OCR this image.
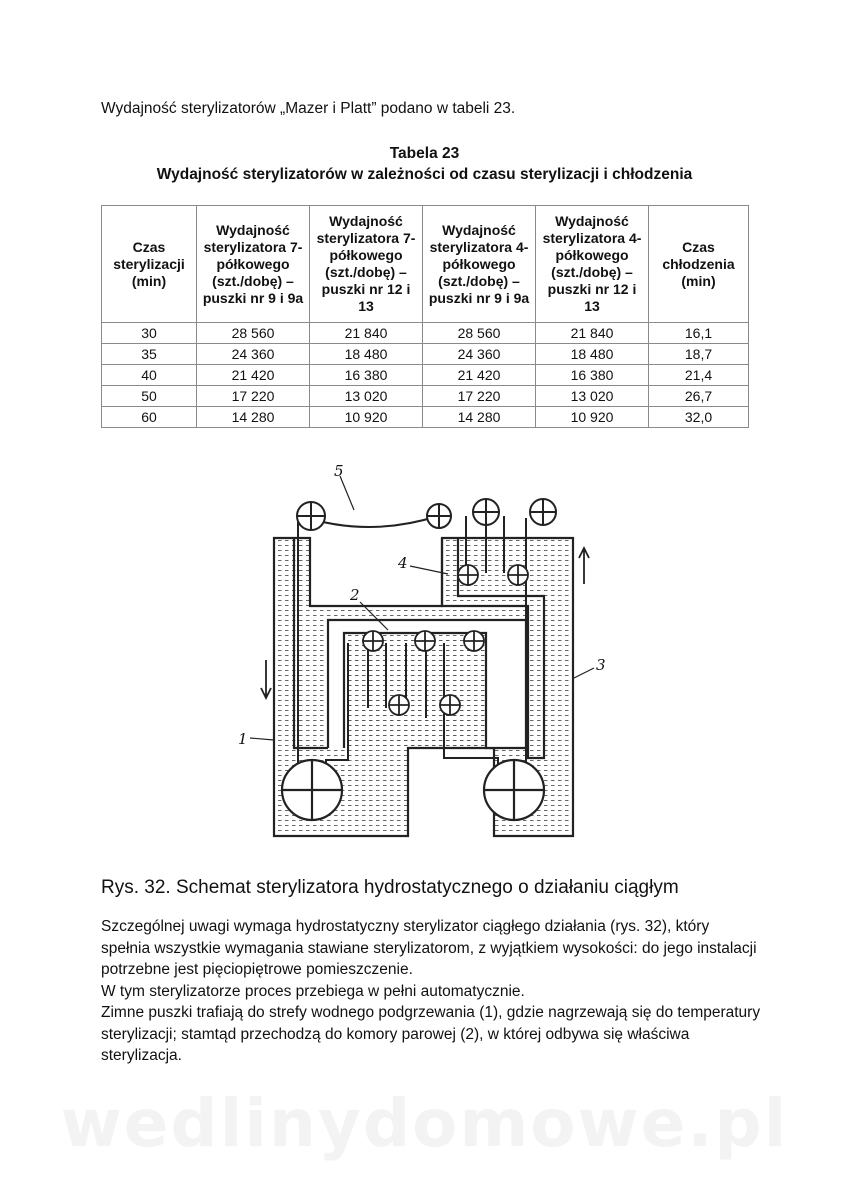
Wydajność sterylizatorów „Mazer i Platt” podano w tabeli 23.
Tabela 23
Wydajność sterylizatorów w zależności od czasu sterylizacji i chłodzenia
Czas sterylizacji (min)	Wydajność sterylizatora 7-półkowego (szt./dobę) – puszki nr 9 i 9a	Wydajność sterylizatora 7-półkowego (szt./dobę) – puszki nr 12 i 13	Wydajność sterylizatora 4-półkowego (szt./dobę) – puszki nr 9 i 9a	Wydajność sterylizatora 4-półkowego (szt./dobę) – puszki nr 12 i 13	Czas chłodzenia (min)
30	28 560	21 840	28 560	21 840	16,1
35	24 360	18 480	24 360	18 480	18,7
40	21 420	16 380	21 420	16 380	21,4
50	17 220	13 020	17 220	13 020	26,7
60	14 280	10 920	14 280	10 920	32,0
1
2
3
4
5
Rys. 32. Schemat sterylizatora hydrostatycznego o działaniu ciągłym

Szczególnej uwagi wymaga hydrostatyczny sterylizator ciągłego działania (rys. 32), który spełnia wszystkie wymagania stawiane sterylizatorom, z wyjątkiem wysokości: do jego instalacji potrzebne jest pięciopiętrowe pomieszczenie.

W tym sterylizatorze proces przebiega w pełni automatycznie.

Zimne puszki trafiają do strefy wodnego podgrzewania (1), gdzie nagrzewają się do temperatury sterylizacji; stamtąd przechodzą do komory parowej (2), w której odbywa się właściwa sterylizacja.

wedlinydomowe.pl
